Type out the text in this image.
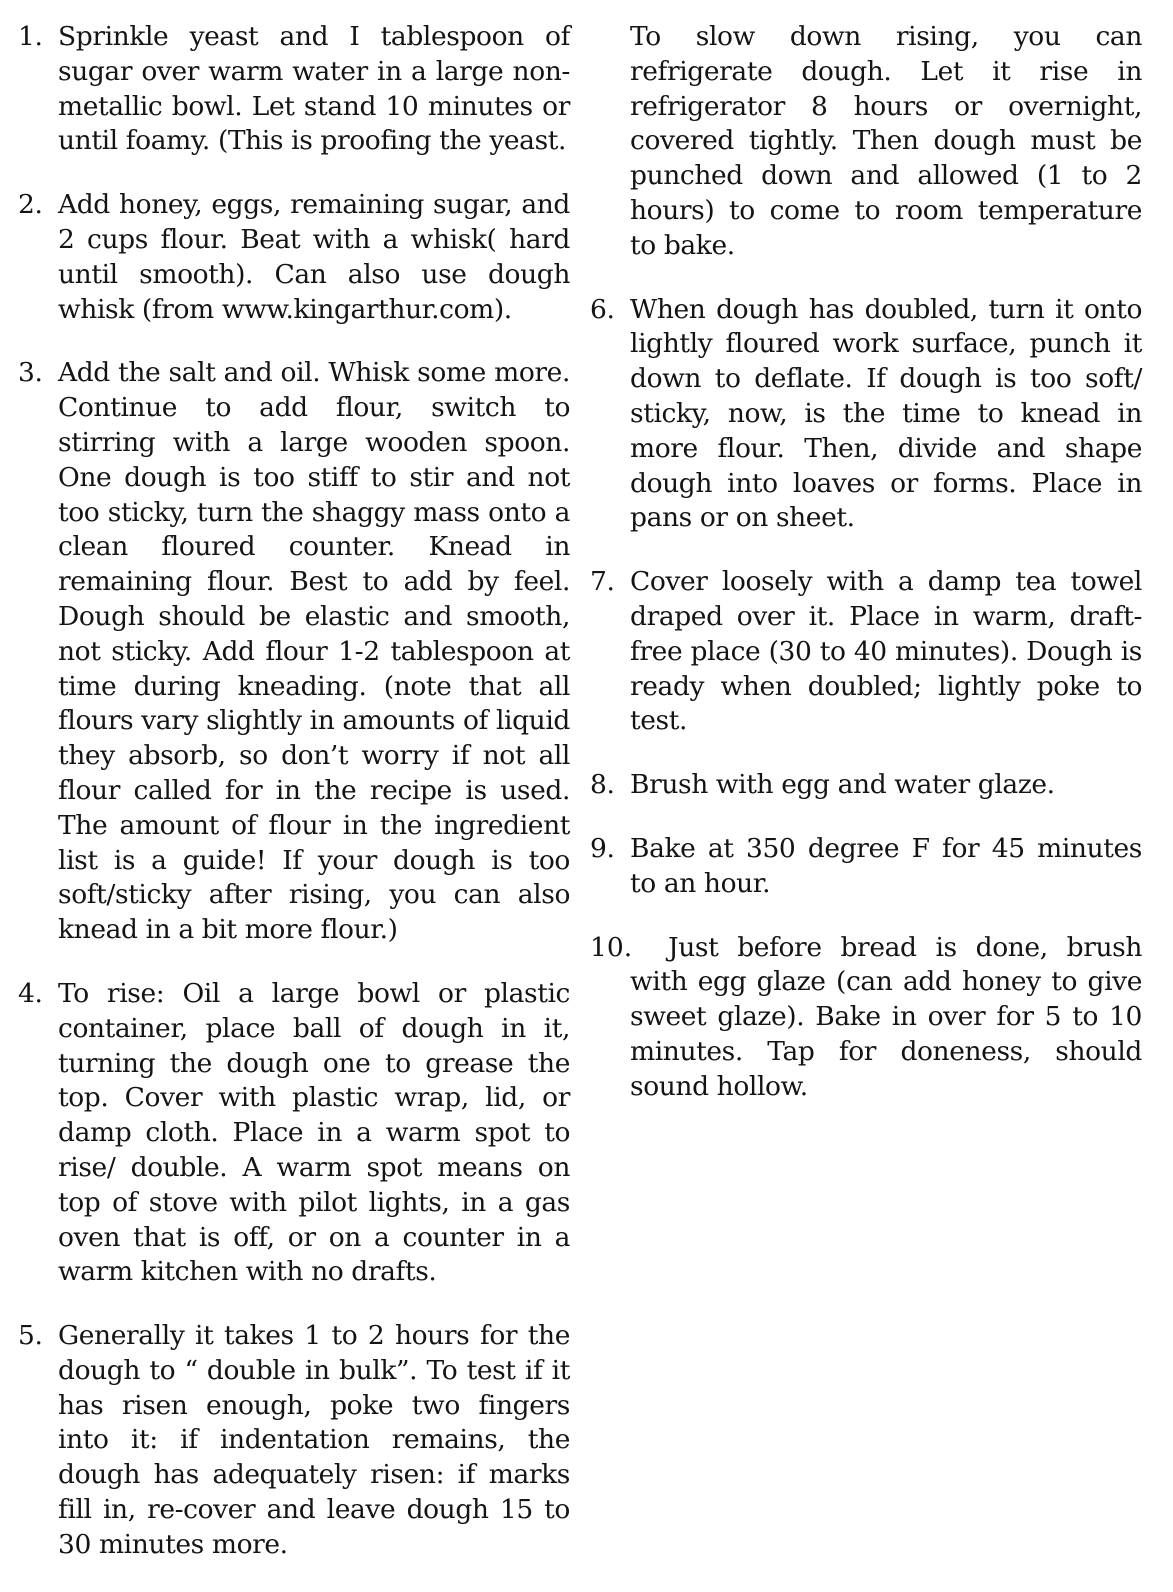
1. Sprinkle yeast and I tablespoon of sugar over warm water in a large non-metallic bowl. Let stand 10 minutes or until foamy. (This is proofing the yeast.
2. Add honey, eggs, remaining sugar, and 2 cups flour. Beat with a whisk( hard until smooth). Can also use dough whisk (from www.kingarthur.com).
3. Add the salt and oil. Whisk some more. Continue to add flour, switch to stirring with a large wooden spoon. One dough is too stiff to stir and not too sticky, turn the shaggy mass onto a clean floured counter. Knead in remaining flour. Best to add by feel. Dough should be elastic and smooth, not sticky. Add flour 1-2 tablespoon at time during kneading. (note that all flours vary slightly in amounts of liquid they absorb, so don’t worry if not all flour called for in the recipe is used. The amount of flour in the ingredient list is a guide! If your dough is too soft/sticky after rising, you can also knead in a bit more flour.)
4. To rise: Oil a large bowl or plastic container, place ball of dough in it, turning the dough one to grease the top. Cover with plastic wrap, lid, or damp cloth. Place in a warm spot to rise/ double. A warm spot means on top of stove with pilot lights, in a gas oven that is off, or on a counter in a warm kitchen with no drafts.
5. Generally it takes 1 to 2 hours for the dough to “ double in bulk”. To test if it has risen enough, poke two fingers into it: if indentation remains, the dough has adequately risen: if marks fill in, re-cover and leave dough 15 to 30 minutes more.
To slow down rising, you can refrigerate dough. Let it rise in refrigerator 8 hours or overnight, covered tightly. Then dough must be punched down and allowed (1 to 2 hours) to come to room temperature to bake.
6. When dough has doubled, turn it onto lightly floured work surface, punch it down to deflate. If dough is too soft/ sticky, now, is the time to knead in more flour. Then, divide and shape dough into loaves or forms. Place in pans or on sheet.
7. Cover loosely with a damp tea towel draped over it. Place in warm, draft-free place (30 to 40 minutes). Dough is ready when doubled; lightly poke to test.
8. Brush with egg and water glaze.
9. Bake at 350 degree F for 45 minutes to an hour.
10. Just before bread is done, brush with egg glaze (can add honey to give sweet glaze). Bake in over for 5 to 10 minutes. Tap for doneness, should sound hollow.
